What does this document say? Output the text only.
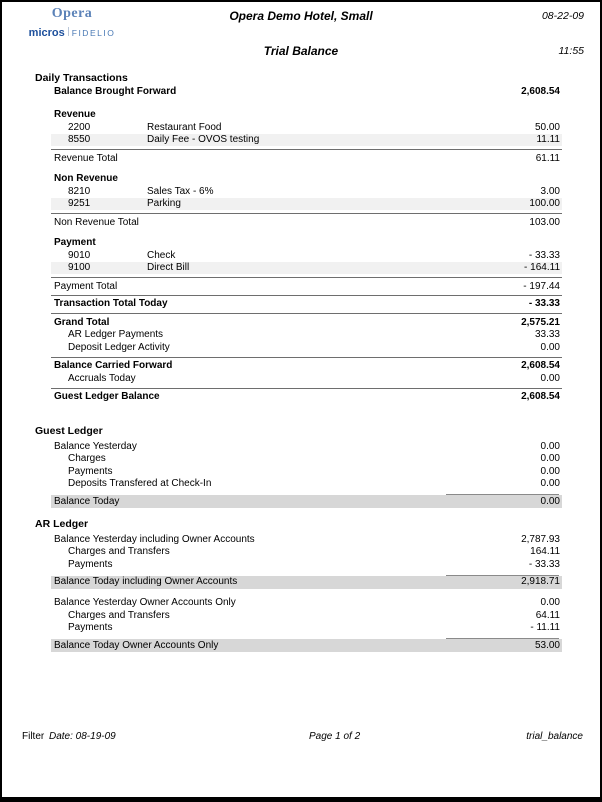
Opera
micros FIDELIO
Opera Demo Hotel, Small	08-22-09
Trial Balance	11:55
Daily Transactions
Balance Brought Forward	2,608.54
Revenue
2200	Restaurant Food	50.00
8550	Daily Fee - OVOS testing	11.11
Revenue Total	61.11
Non Revenue
8210	Sales Tax - 6%	3.00
9251	Parking	100.00
Non Revenue Total	103.00
Payment
9010	Check	- 33.33
9100	Direct Bill	- 164.11
Payment Total	- 197.44
Transaction Total Today	- 33.33
Grand Total	2,575.21
AR Ledger Payments	33.33
Deposit Ledger Activity	0.00
Balance Carried Forward	2,608.54
Accruals Today	0.00
Guest Ledger Balance	2,608.54
Guest Ledger
Balance Yesterday	0.00
Charges	0.00
Payments	0.00
Deposits Transfered at Check-In	0.00
Balance Today	0.00
AR Ledger
Balance Yesterday including Owner Accounts	2,787.93
Charges and Transfers	164.11
Payments	- 33.33
Balance Today including Owner Accounts	2,918.71
Balance Yesterday Owner Accounts Only	0.00
Charges and Transfers	64.11
Payments	- 11.11
Balance Today Owner Accounts Only	53.00
Filter Date: 08-19-09	Page 1 of 2	trial_balance
